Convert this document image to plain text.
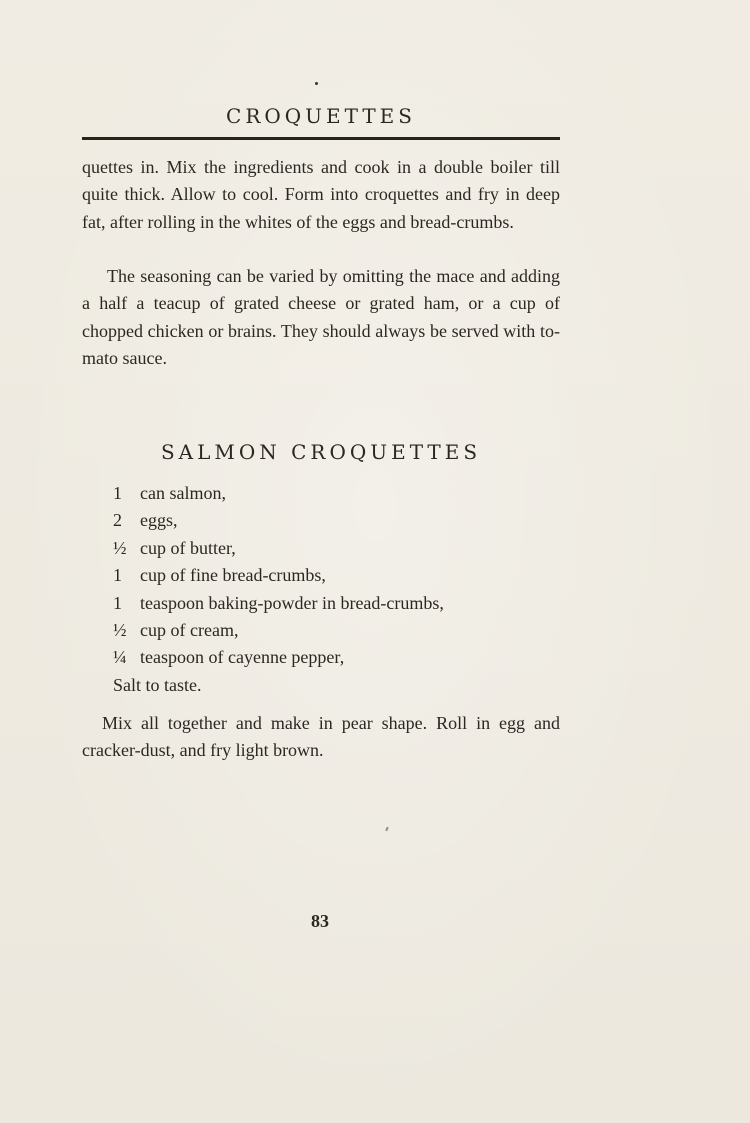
CROQUETTES
quettes in. Mix the ingredients and cook in a double boiler till quite thick. Allow to cool. Form into croquettes and fry in deep fat, after rolling in the whites of the eggs and bread-crumbs.
The seasoning can be varied by omitting the mace and adding a half a teacup of grated cheese or grated ham, or a cup of chopped chicken or brains. They should always be served with to- mato sauce.
SALMON CROQUETTES
1	can salmon,
2	eggs,
½ cup of butter,
1	cup of fine bread-crumbs,
1	teaspoon baking-powder in bread-crumbs,
½ cup of cream,
¼ teaspoon of cayenne pepper,
Salt to taste.
Mix all together and make in pear shape. Roll in egg and cracker-dust, and fry light brown.
83
